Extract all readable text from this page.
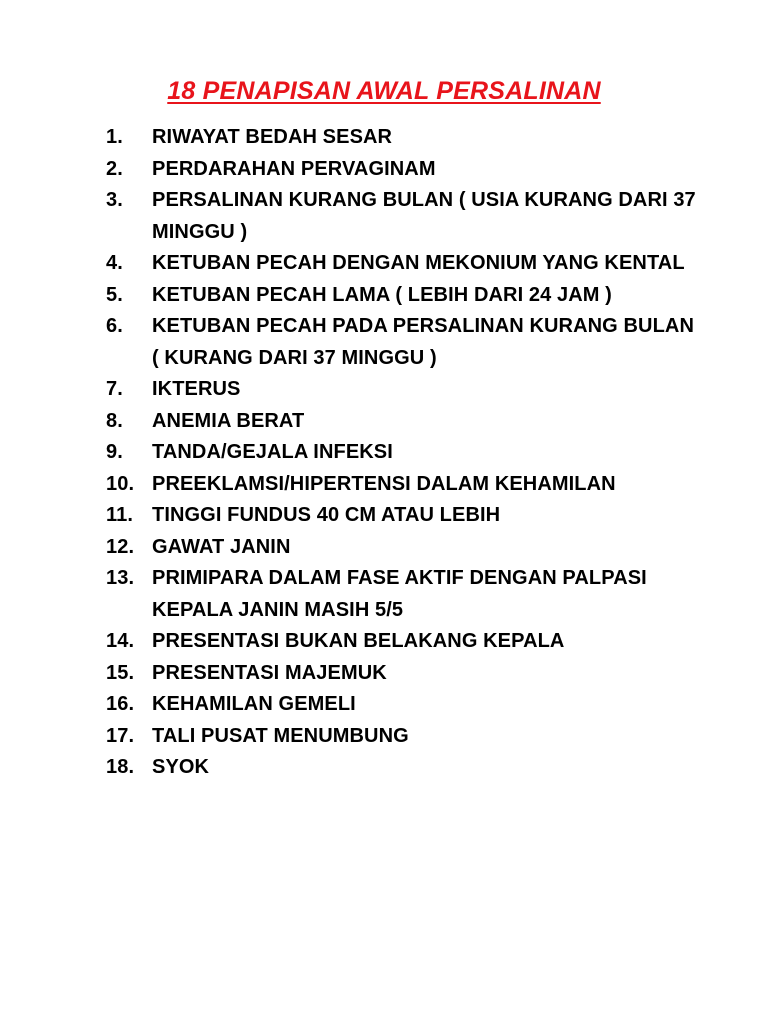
18 PENAPISAN AWAL PERSALINAN
1.	RIWAYAT BEDAH SESAR
2.	PERDARAHAN PERVAGINAM
3.	PERSALINAN KURANG BULAN ( USIA KURANG DARI 37 MINGGU )
4.	KETUBAN PECAH DENGAN MEKONIUM YANG KENTAL
5.	KETUBAN PECAH LAMA ( LEBIH DARI 24 JAM )
6.	KETUBAN PECAH PADA PERSALINAN KURANG BULAN ( KURANG DARI 37 MINGGU )
7.	IKTERUS
8.	ANEMIA BERAT
9.	TANDA/GEJALA INFEKSI
10. PREEKLAMSI/HIPERTENSI DALAM KEHAMILAN
11. TINGGI FUNDUS 40 CM ATAU LEBIH
12. GAWAT JANIN
13. PRIMIPARA DALAM FASE AKTIF DENGAN PALPASI KEPALA JANIN MASIH 5/5
14. PRESENTASI BUKAN BELAKANG KEPALA
15. PRESENTASI MAJEMUK
16. KEHAMILAN GEMELI
17. TALI PUSAT MENUMBUNG
18. SYOK
